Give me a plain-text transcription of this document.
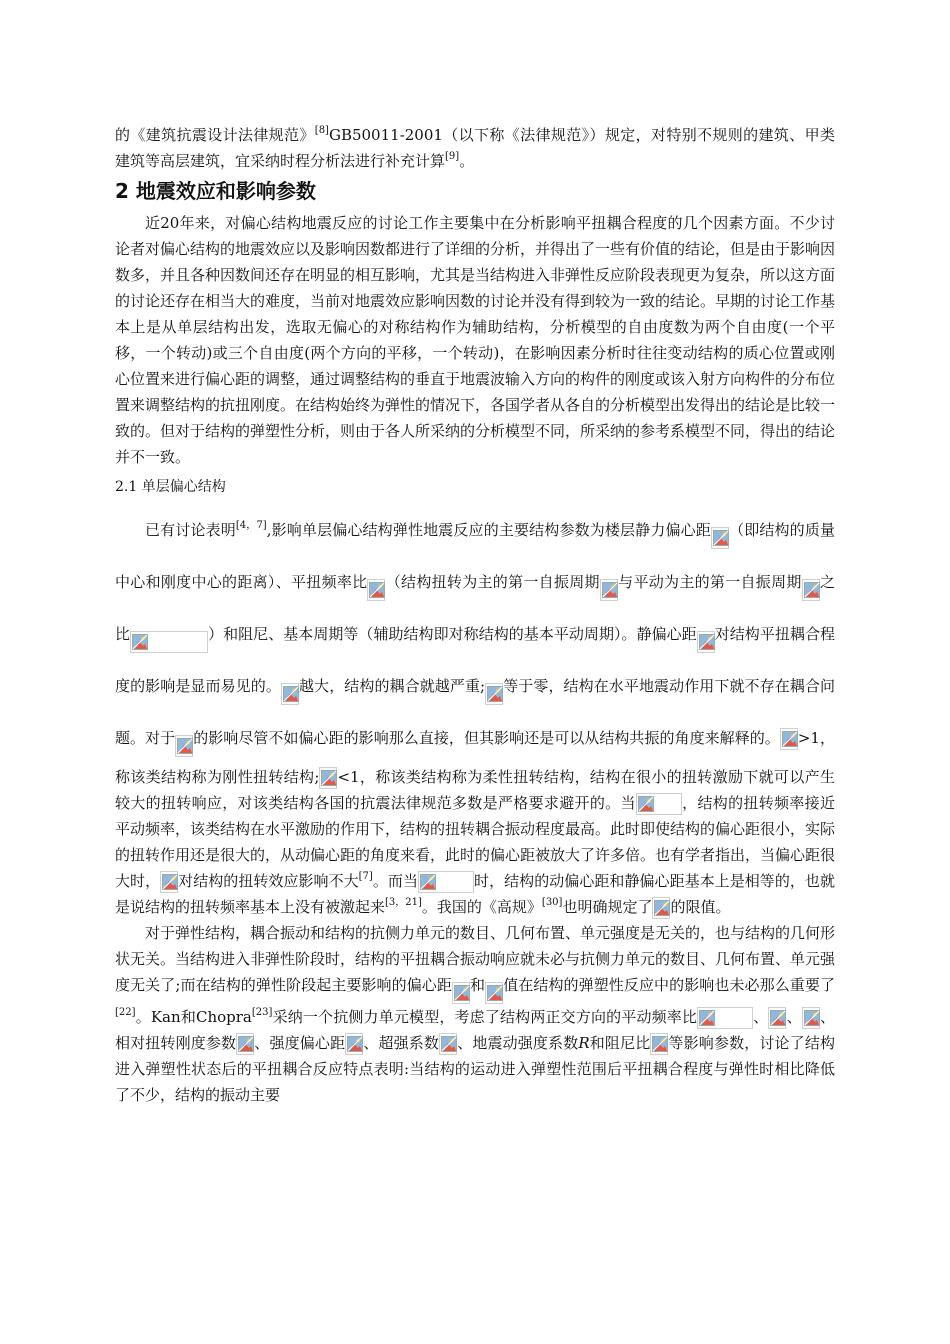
的《建筑抗震设计法律规范》[8]GB50011-2001（以下称《法律规范》）规定，对特别不规则的建筑、甲类建筑等高层建筑，宜采纳时程分析法进行补充计算[9]。

2 地震效应和影响参数

近20年来，对偏心结构地震反应的讨论工作主要集中在分析影响平扭耦合程度的几个因素方面。不少讨论者对偏心结构的地震效应以及影响因数都进行了详细的分析，并得出了一些有价值的结论，但是由于影响因数多，并且各种因数间还存在明显的相互影响，尤其是当结构进入非弹性反应阶段表现更为复杂，所以这方面的讨论还存在相当大的难度，当前对地震效应影响因数的讨论并没有得到较为一致的结论。早期的讨论工作基本上是从单层结构出发，选取无偏心的对称结构作为辅助结构，分析模型的自由度数为两个自由度(一个平移，一个转动)或三个自由度(两个方向的平移，一个转动)，在影响因素分析时往往变动结构的质心位置或刚心位置来进行偏心距的调整，通过调整结构的垂直于地震波输入方向的构件的刚度或该入射方向构件的分布位置来调整结构的抗扭刚度。在结构始终为弹性的情况下，各国学者从各自的分析模型出发得出的结论是比较一致的。但对于结构的弹塑性分析，则由于各人所采纳的分析模型不同，所采纳的参考系模型不同，得出的结论并不一致。

2.1 单层偏心结构

已有讨论表明[4，7],影响单层偏心结构弹性地震反应的主要结构参数为楼层静力偏心距 （即结构的质量中心和刚度中心的距离）、平扭频率比 （结构扭转为主的第一自振周期 与平动为主的第一自振周期 之比	）和阻尼、基本周期等（辅助结构即对称结构的基本平动周期）。静偏心距 对结构平扭耦合程度的影响是显而易见的。 越大，结构的耦合就越严重; 等于零，结构在水平地震动作用下就不存在耦合问题。对于 的影响尽管不如偏心距的影响那么直接，但其影响还是可以从结构共振的角度来解释的。 >1，称该类结构称为刚性扭转结构; <1，称该类结构称为柔性扭转结构，结构在很小的扭转激励下就可以产生较大的扭转响应，对该类结构各国的抗震法律规范多数是严格要求避开的。当	，结构的扭转频率接近平动频率，该类结构在水平激励的作用下，结构的扭转耦合振动程度最高。此时即使结构的偏心距很小，实际的扭转作用还是很大的，从动偏心距的角度来看，此时的偏心距被放大了许多倍。也有学者指出，当偏心距很大时， 对结构的扭转效应影响不大[7]。而当	时，结构的动偏心距和静偏心距基本上是相等的，也就是说结构的扭转频率基本上没有被激起来[3，21]。我国的《高规》[30]也明确规定了 的限值。

对于弹性结构，耦合振动和结构的抗侧力单元的数目、几何布置、单元强度是无关的，也与结构的几何形状无关。当结构进入非弹性阶段时，结构的平扭耦合振动响应就未必与抗侧力单元的数目、几何布置、单元强度无关了;而在结构的弹性阶段起主要影响的偏心距 和 值在结构的弹塑性反应中的影响也未必那么重要了[22]。Kan和Chopra[23]采纳一个抗侧力单元模型，考虑了结构两正交方向的平动频率比	、 、 、相对扭转刚度参数 、强度偏心距 、超强系数 、地震动强度系数R和阻尼比 等影响参数，讨论了结构进入弹塑性状态后的平扭耦合反应特点表明:当结构的运动进入弹塑性范围后平扭耦合程度与弹性时相比降低了不少，结构的振动主要
